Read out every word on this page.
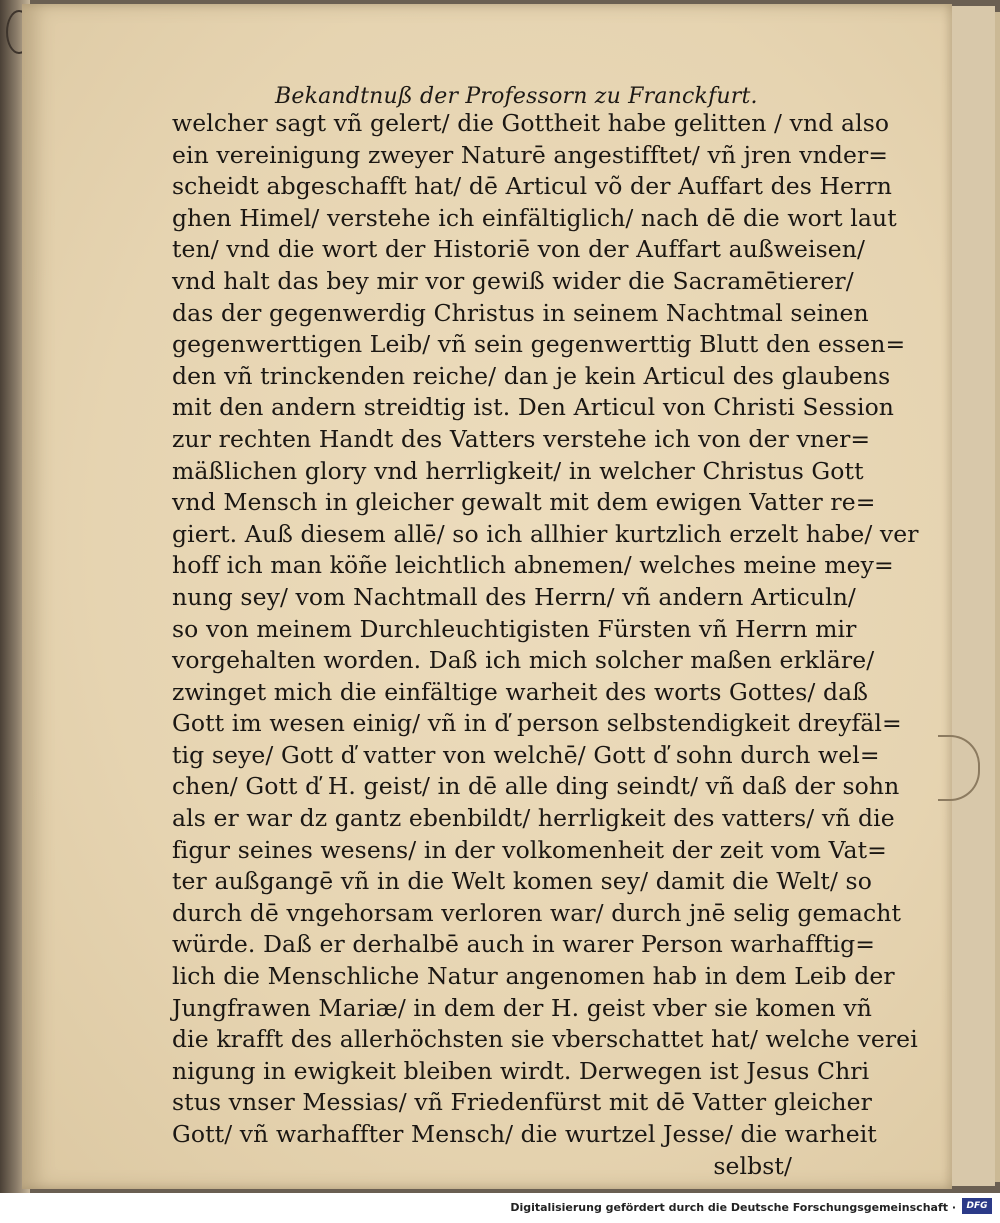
Bekandtnuß der Professorn zu Franckfurt.
welcher sagt vñ gelert/ die Gottheit habe gelitten / vnd also
ein vereinigung zweyer Naturē angestifftet/ vñ jren vnder=
scheidt abgeschafft hat/ dē Articul võ der Auffart des Herrn
ghen Himel/ verstehe ich einfältiglich/ nach dē die wort laut
ten/ vnd die wort der Historiē von der Auffart außweisen/
vnd halt das bey mir vor gewiß wider die Sacramētierer/
das der gegenwerdig Christus in seinem Nachtmal seinen
gegenwerttigen Leib/ vñ sein gegenwerttig Blutt den essen=
den vñ trinckenden reiche/ dan je kein Articul des glaubens
mit den andern streidtig ist. Den Articul von Christi Session
zur rechten Handt des Vatters verstehe ich von der vner=
mäßlichen glory vnd herrligkeit/ in welcher Christus Gott
vnd Mensch in gleicher gewalt mit dem ewigen Vatter re=
giert. Auß diesem allē/ so ich allhier kurtzlich erzelt habe/ ver
hoff ich man köñe leichtlich abnemen/ welches meine mey=
nung sey/ vom Nachtmall des Herrn/ vñ andern Articuln/
so von meinem Durchleuchtigisten Fürsten vñ Herrn mir
vorgehalten worden. Daß ich mich solcher maßen erkläre/
zwinget mich die einfältige warheit des worts Gottes/ daß
Gott im wesen einig/ vñ in ď person selbstendigkeit dreyfäl=
tig seye/ Gott ď vatter von welchē/ Gott ď sohn durch wel=
chen/ Gott ď H. geist/ in dē alle ding seindt/ vñ daß der sohn
als er war dz gantz ebenbildt/ herrligkeit des vatters/ vñ die
figur seines wesens/ in der volkomenheit der zeit vom Vat=
ter außgangē vñ in die Welt komen sey/ damit die Welt/ so
durch dē vngehorsam verloren war/ durch jnē selig gemacht
würde. Daß er derhalbē auch in warer Person warhafftig=
lich die Menschliche Natur angenomen hab in dem Leib der
Jungfrawen Mariæ/ in dem der H. geist vber sie komen vñ
die krafft des allerhöchsten sie vberschattet hat/ welche verei
nigung in ewigkeit bleiben wirdt. Derwegen ist Jesus Chri
stus vnser Messias/ vñ Friedenfürst mit dē Vatter gleicher
Gott/ vñ warhaffter Mensch/ die wurtzel Jesse/ die warheit
selbst/
Digitalisierung gefördert durch die Deutsche Forschungsgemeinschaft ·	DFG
